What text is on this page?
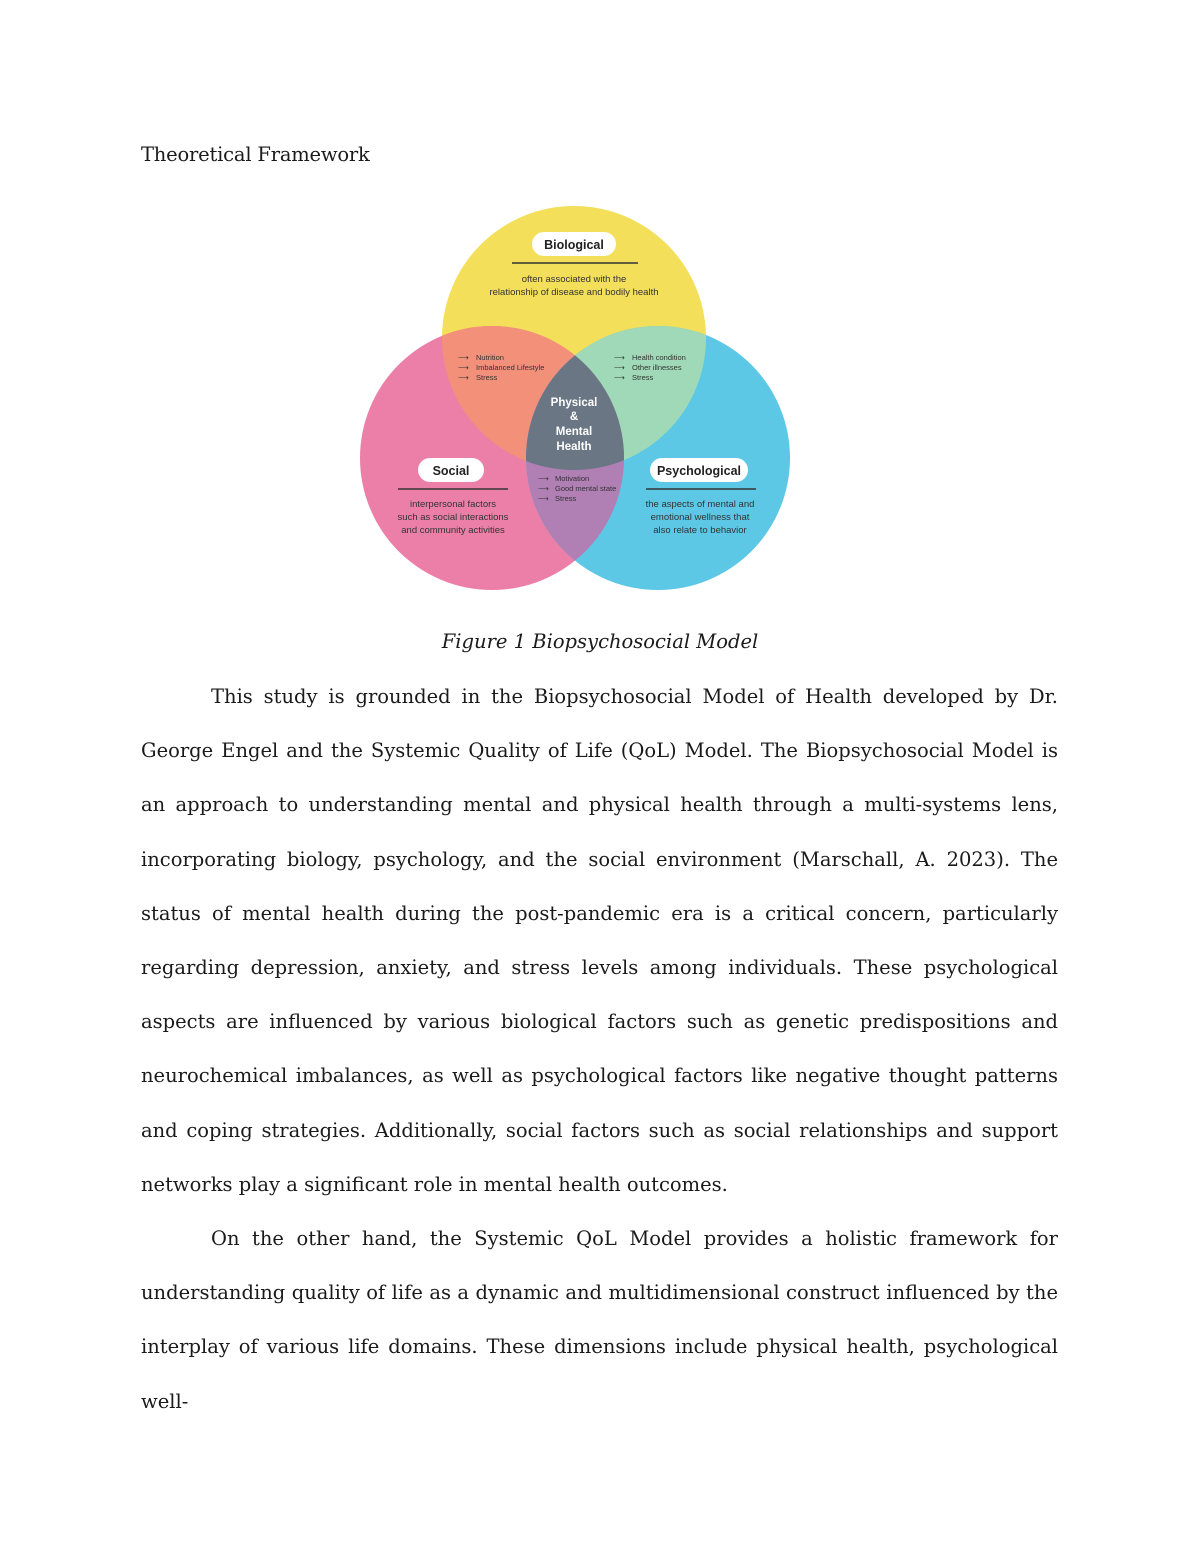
Theoretical Framework
Biological
often associated with the
relationship of disease and bodily health
Social
interpersonal factors
such as social interactions
and community activities
Psychological
the aspects of mental and
emotional wellness that
also relate to behavior
⟶ Nutrition
⟶ Imbalanced Lifestyle
⟶ Stress
⟶ Health condition
⟶ Other illnesses
⟶ Stress
⟶ Motivation
⟶ Good mental state
⟶ Stress
Physical
&
Mental
Health
Figure 1 Biopsychosocial Model

This study is grounded in the Biopsychosocial Model of Health developed by Dr. George Engel and the Systemic Quality of Life (QoL) Model. The Biopsychosocial Model is an approach to understanding mental and physical health through a multi-systems lens, incorporating biology, psychology, and the social environment (Marschall, A. 2023). The status of mental health during the post-pandemic era is a critical concern, particularly regarding depression, anxiety, and stress levels among individuals. These psychological aspects are influenced by various biological factors such as genetic predispositions and neurochemical imbalances, as well as psychological factors like negative thought patterns and coping strategies. Additionally, social factors such as social relationships and support networks play a significant role in mental health outcomes.

On the other hand, the Systemic QoL Model provides a holistic framework for understanding quality of life as a dynamic and multidimensional construct influenced by the interplay of various life domains. These dimensions include physical health, psychological well-
